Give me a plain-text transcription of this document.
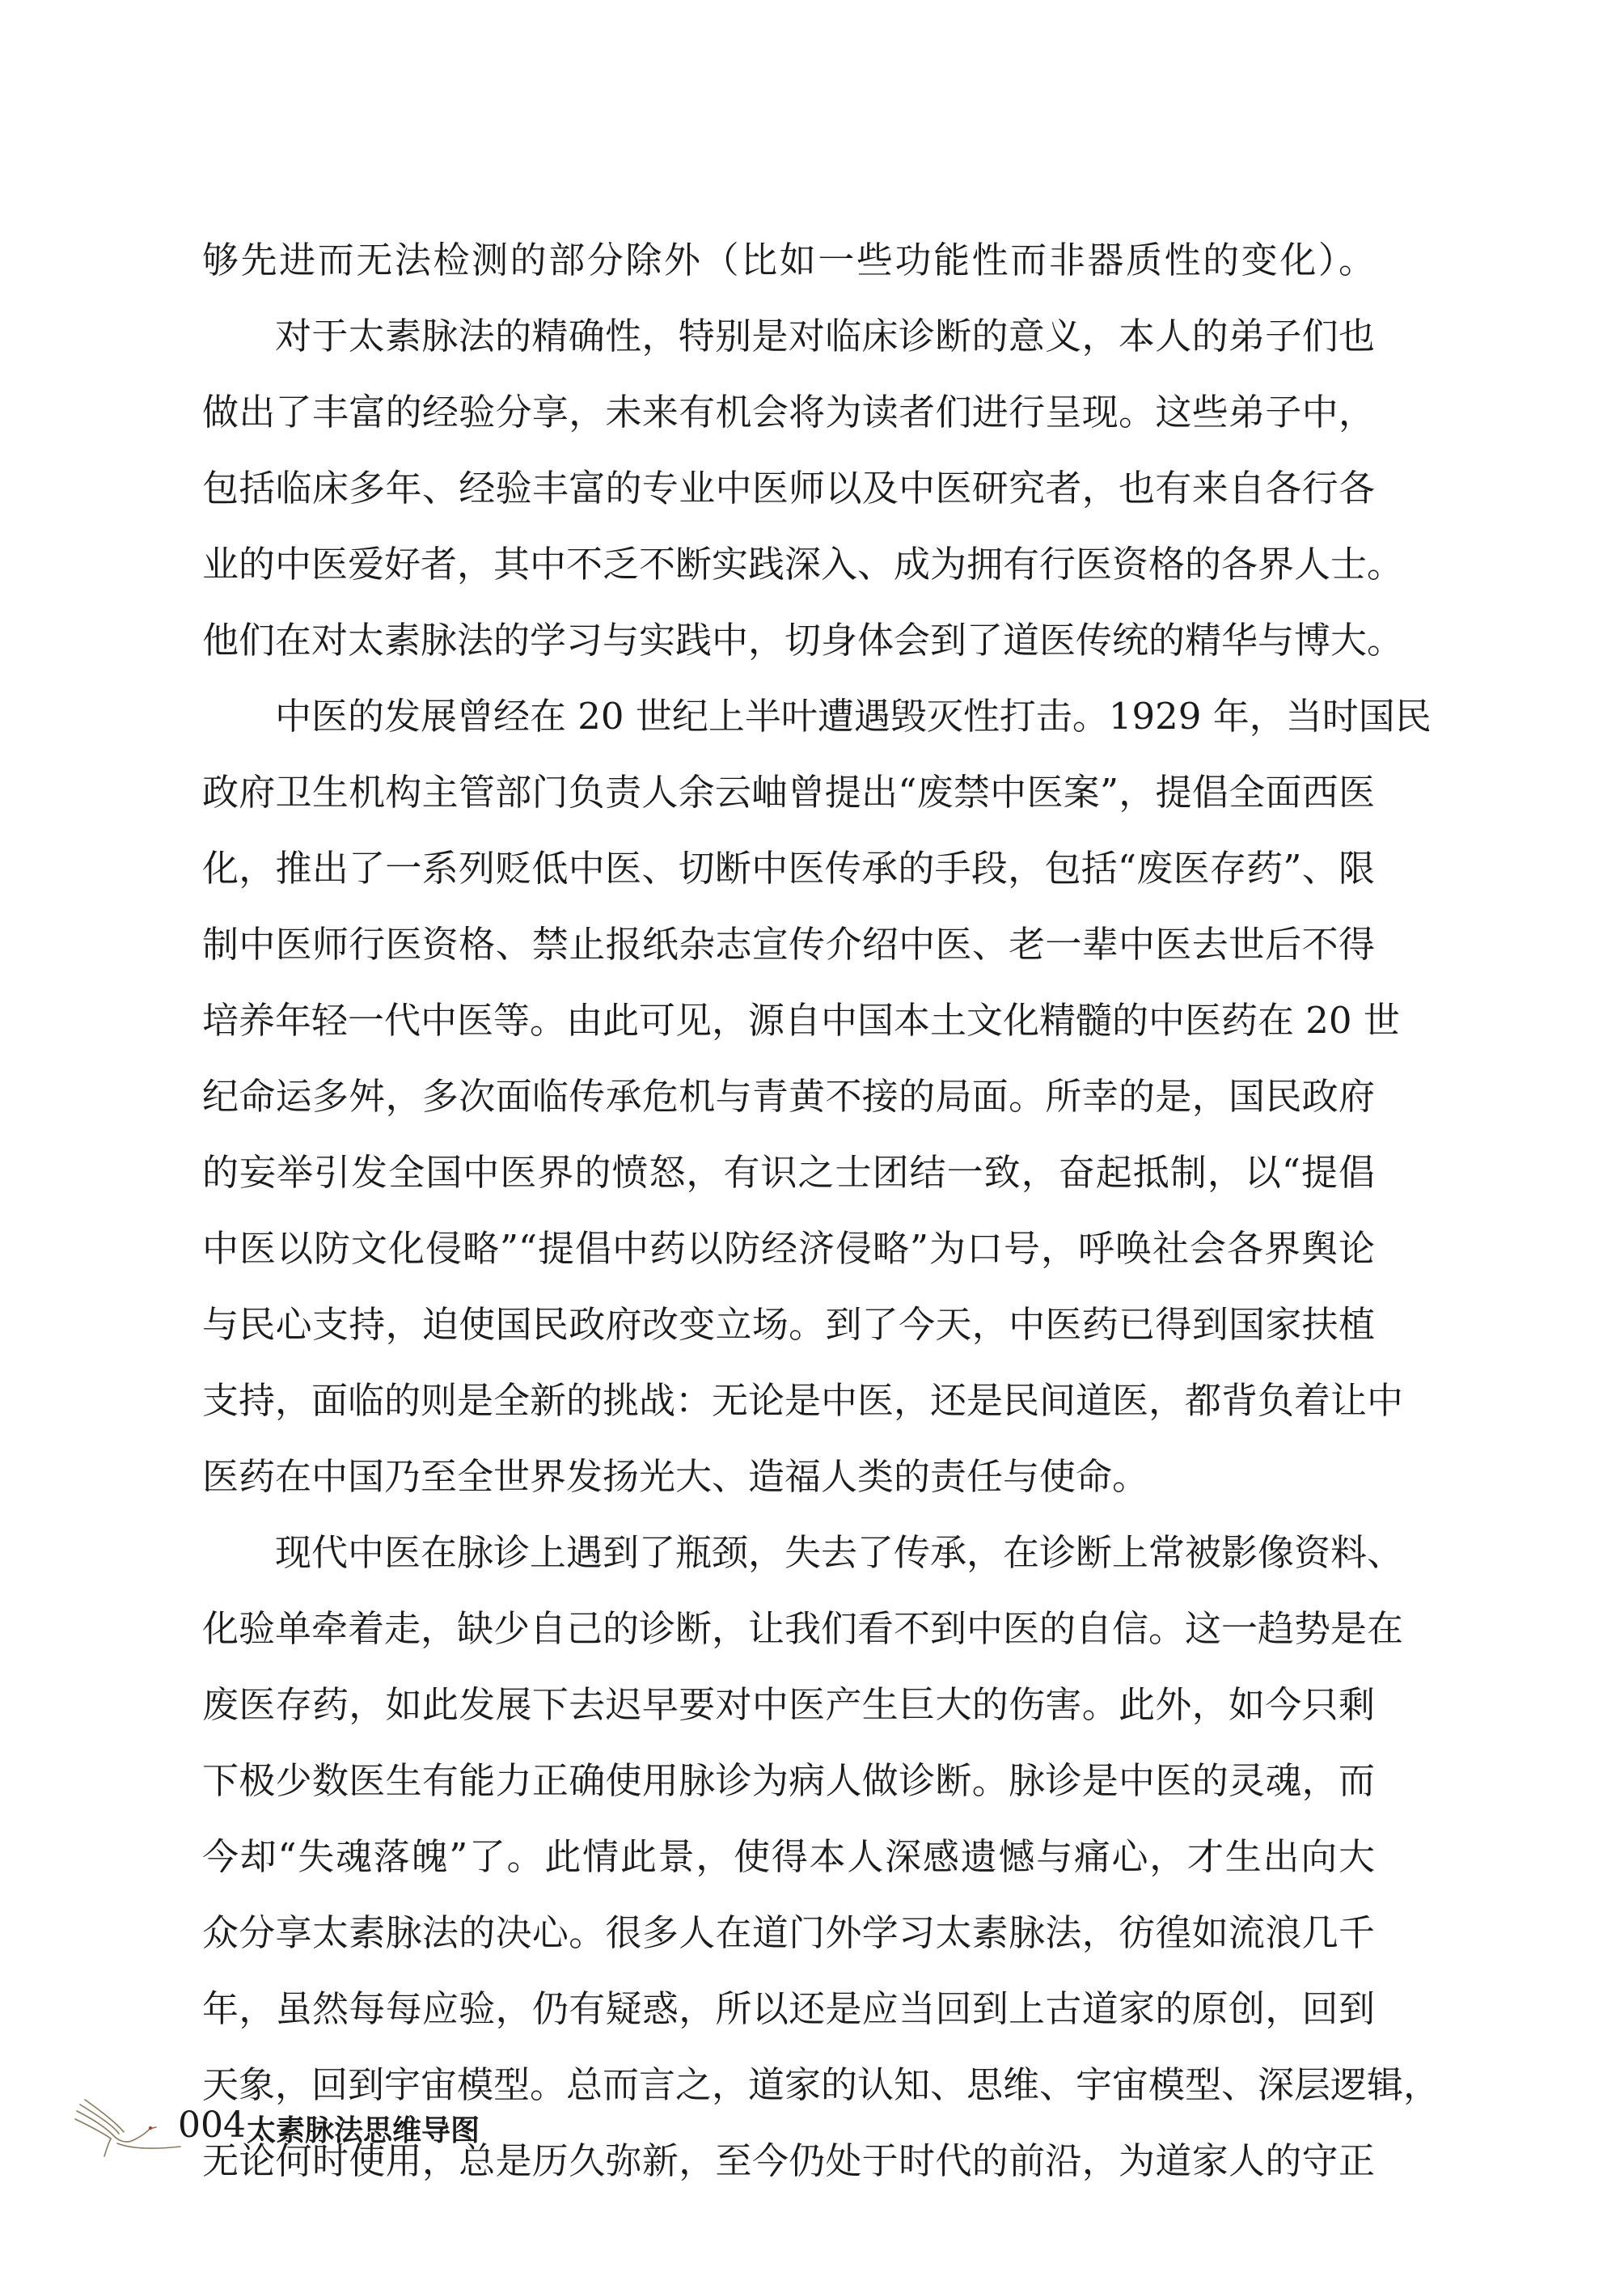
够先进而无法检测的部分除外（比如一些功能性而非器质性的变化）。
对于太素脉法的精确性，特别是对临床诊断的意义，本人的弟子们也
做出了丰富的经验分享，未来有机会将为读者们进行呈现。这些弟子中，
包括临床多年、经验丰富的专业中医师以及中医研究者，也有来自各行各
业的中医爱好者，其中不乏不断实践深入、成为拥有行医资格的各界人士。
他们在对太素脉法的学习与实践中，切身体会到了道医传统的精华与博大。
中医的发展曾经在 20 世纪上半叶遭遇毁灭性打击。1929 年，当时国民
政府卫生机构主管部门负责人余云岫曾提出“废禁中医案”，提倡全面西医
化，推出了一系列贬低中医、切断中医传承的手段，包括“废医存药”、限
制中医师行医资格、禁止报纸杂志宣传介绍中医、老一辈中医去世后不得
培养年轻一代中医等。由此可见，源自中国本土文化精髓的中医药在 20 世
纪命运多舛，多次面临传承危机与青黄不接的局面。所幸的是，国民政府
的妄举引发全国中医界的愤怒，有识之士团结一致，奋起抵制，以“提倡
中医以防文化侵略”“提倡中药以防经济侵略”为口号，呼唤社会各界舆论
与民心支持，迫使国民政府改变立场。到了今天，中医药已得到国家扶植
支持，面临的则是全新的挑战：无论是中医，还是民间道医，都背负着让中
医药在中国乃至全世界发扬光大、造福人类的责任与使命。
现代中医在脉诊上遇到了瓶颈，失去了传承，在诊断上常被影像资料、
化验单牵着走，缺少自己的诊断，让我们看不到中医的自信。这一趋势是在
废医存药，如此发展下去迟早要对中医产生巨大的伤害。此外，如今只剩
下极少数医生有能力正确使用脉诊为病人做诊断。脉诊是中医的灵魂，而
今却“失魂落魄”了。此情此景，使得本人深感遗憾与痛心，才生出向大
众分享太素脉法的决心。很多人在道门外学习太素脉法，彷徨如流浪几千
年，虽然每每应验，仍有疑惑，所以还是应当回到上古道家的原创，回到
天象，回到宇宙模型。总而言之，道家的认知、思维、宇宙模型、深层逻辑，
无论何时使用，总是历久弥新，至今仍处于时代的前沿，为道家人的守正
004 太素脉法思维导图
